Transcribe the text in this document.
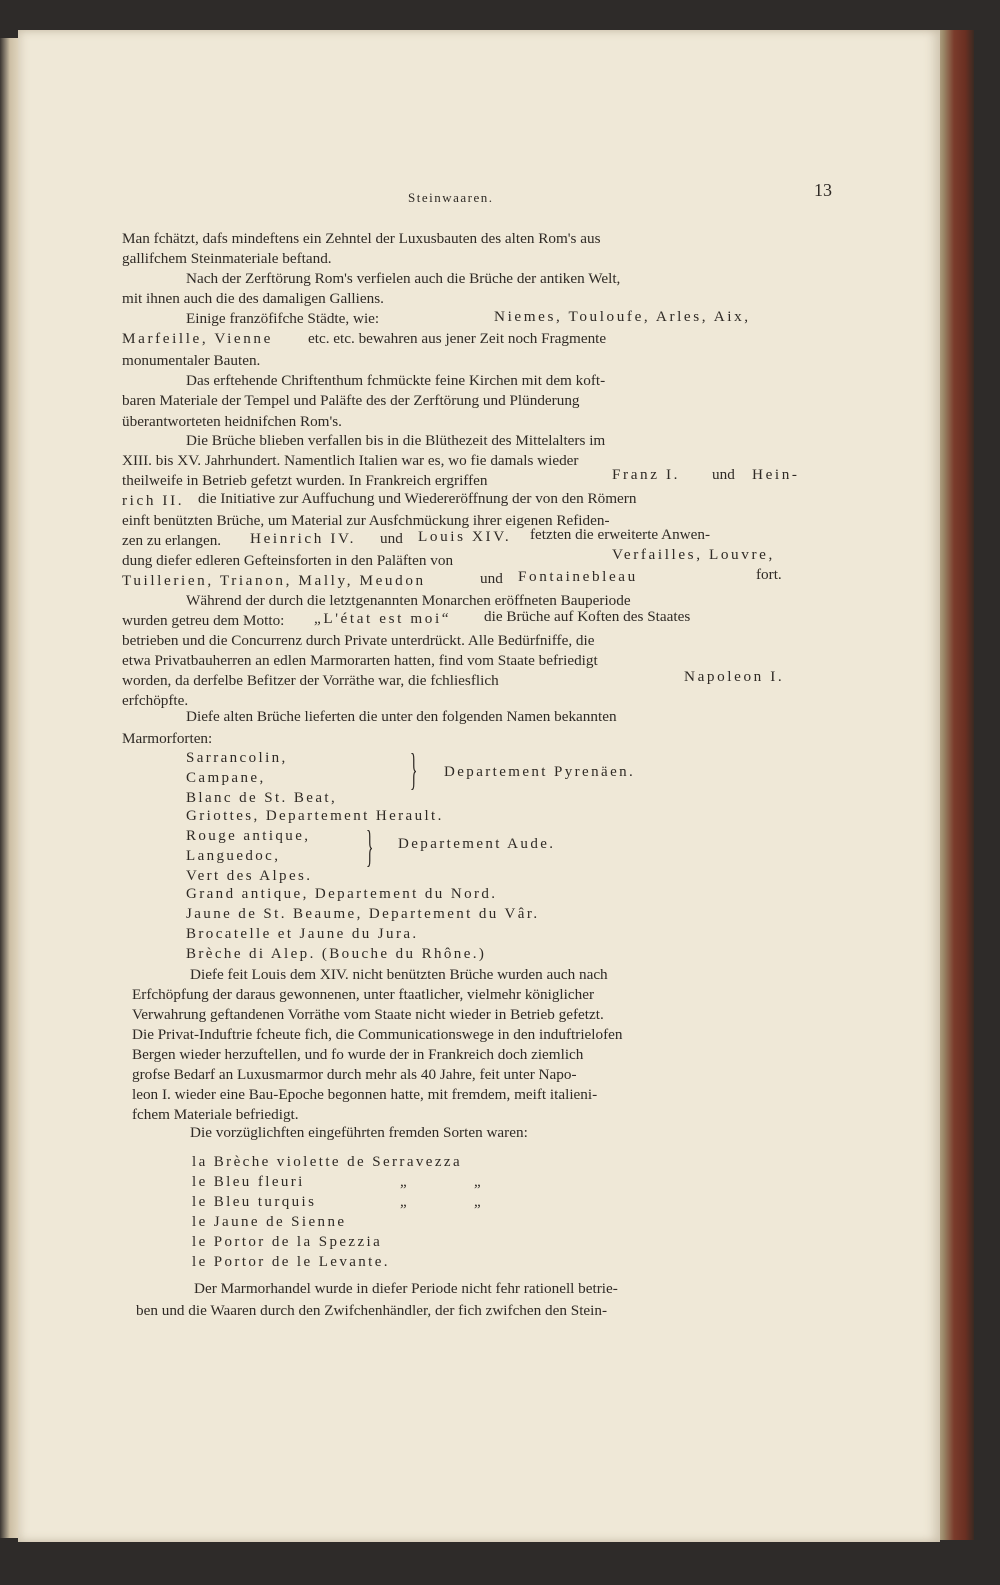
Steinwaaren.	13
Man fchätzt, dafs mindeftens ein Zehntel der Luxusbauten des alten Rom's aus
gallifchem Steinmateriale beftand.
Nach der Zerftörung Rom's verfielen auch die Brüche der antiken Welt,
mit ihnen auch die des damaligen Galliens.
Einige franzöfifche Städte, wie:	Niemes, Touloufe, Arles, Aix,
Marfeille, Vienne etc. etc. bewahren aus jener Zeit noch Fragmente
monumentaler Bauten.
Das erftehende Chriftenthum fchmückte feine Kirchen mit dem koft-
baren Materiale der Tempel und Paläfte des der Zerftörung und Plünderung
überantworteten heidnifchen Rom's.
Die Brüche blieben verfallen bis in die Blüthezeit des Mittelalters im
XIII. bis XV. Jahrhundert. Namentlich Italien war es, wo fie damals wieder
theilweife in Betrieb gefetzt wurden. In Frankreich ergriffen	Franz I. und Hein-
rich II. die Initiative zur Auffuchung und Wiedereröffnung der von den Römern
einft benützten Brüche, um Material zur Ausfchmückung ihrer eigenen Refiden-
zen zu erlangen. Heinrich IV. und Louis XIV. fetzten die erweiterte Anwen-
dung diefer edleren Gefteinsforten in den Paläften von	Verfailles, Louvre,
Tuillerien, Trianon, Mally, Meudon	und Fontainebleau	fort.
Während der durch die letztgenannten Monarchen eröffneten Bauperiode
wurden getreu dem Motto: „L'état est moi“ die Brüche auf Koften des Staates
betrieben und die Concurrenz durch Private unterdrückt. Alle Bedürfniffe, die
etwa Privatbauherren an edlen Marmorarten hatten, find vom Staate befriedigt
worden, da derfelbe Befitzer der Vorräthe war, die fchliesflich	Napoleon I.
erfchöpfte.
Diefe alten Brüche lieferten die unter den folgenden Namen bekannten
Marmorforten:
Sarrancolin,
Campane,
Blanc de St. Beat,
} Departement Pyrenäen.
Griottes, Departement Herault.
Rouge antique,
Languedoc, } Departement Aude.
Vert des Alpes.
Grand antique, Departement du Nord.
Jaune de St. Beaume, Departement du Vâr.
Brocatelle et Jaune du Jura.
Brèche di Alep. (Bouche du Rhône.)
Diefe feit Louis dem XIV. nicht benützten Brüche wurden auch nach
Erfchöpfung der daraus gewonnenen, unter ftaatlicher, vielmehr königlicher
Verwahrung geftandenen Vorräthe vom Staate nicht wieder in Betrieb gefetzt.
Die Privat-Induftrie fcheute fich, die Communicationswege in den induftrielofen
Bergen wieder herzuftellen, und fo wurde der in Frankreich doch ziemlich
grofse Bedarf an Luxusmarmor durch mehr als 40 Jahre, feit unter Napo-
leon I. wieder eine Bau-Epoche begonnen hatte, mit fremdem, meift italieni-
fchem Materiale befriedigt.
Die vorzüglichften eingeführten fremden Sorten waren:
la Brèche violette de Serravezza
le Bleu fleuri	„	„
le Bleu turquis	„	„
le Jaune de Sienne
le Portor de la Spezzia
le Portor de le Levante.
Der Marmorhandel wurde in diefer Periode nicht fehr rationell betrie-
ben und die Waaren durch den Zwifchenhändler, der fich zwifchen den Stein-
